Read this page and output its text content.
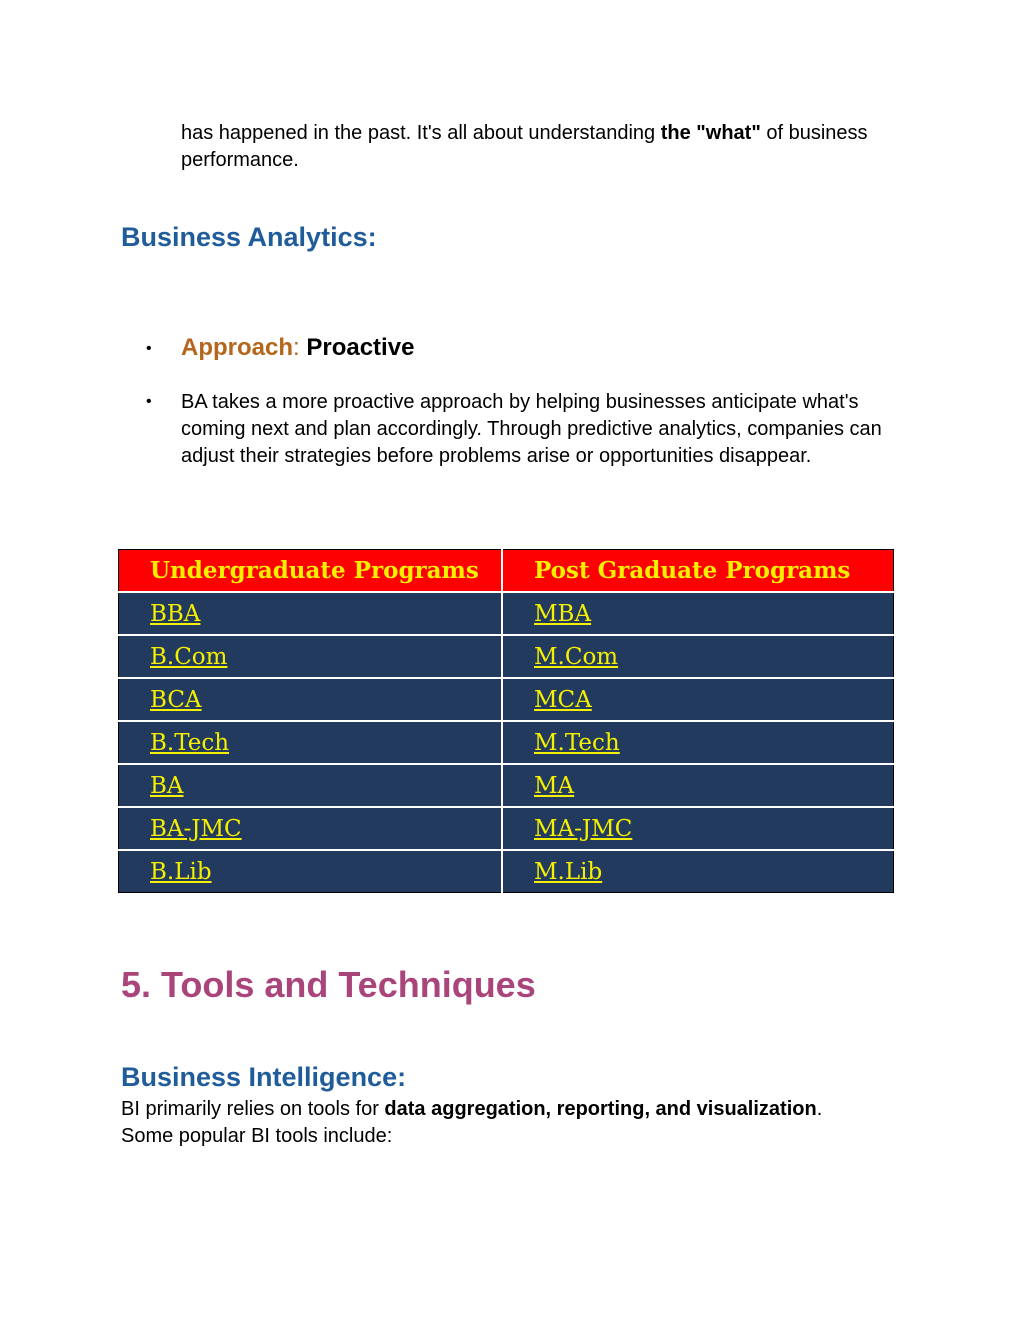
has happened in the past. It's all about understanding the "what" of business performance.
Business Analytics:
• Approach: Proactive
• BA takes a more proactive approach by helping businesses anticipate what's coming next and plan accordingly. Through predictive analytics, companies can adjust their strategies before problems arise or opportunities disappear.
Undergraduate Programs	Post Graduate Programs
BBA	MBA
B.Com	M.Com
BCA	MCA
B.Tech	M.Tech
BA	MA
BA-JMC	MA-JMC
B.Lib	M.Lib
5. Tools and Techniques
Business Intelligence:
BI primarily relies on tools for data aggregation, reporting, and visualization. Some popular BI tools include:
